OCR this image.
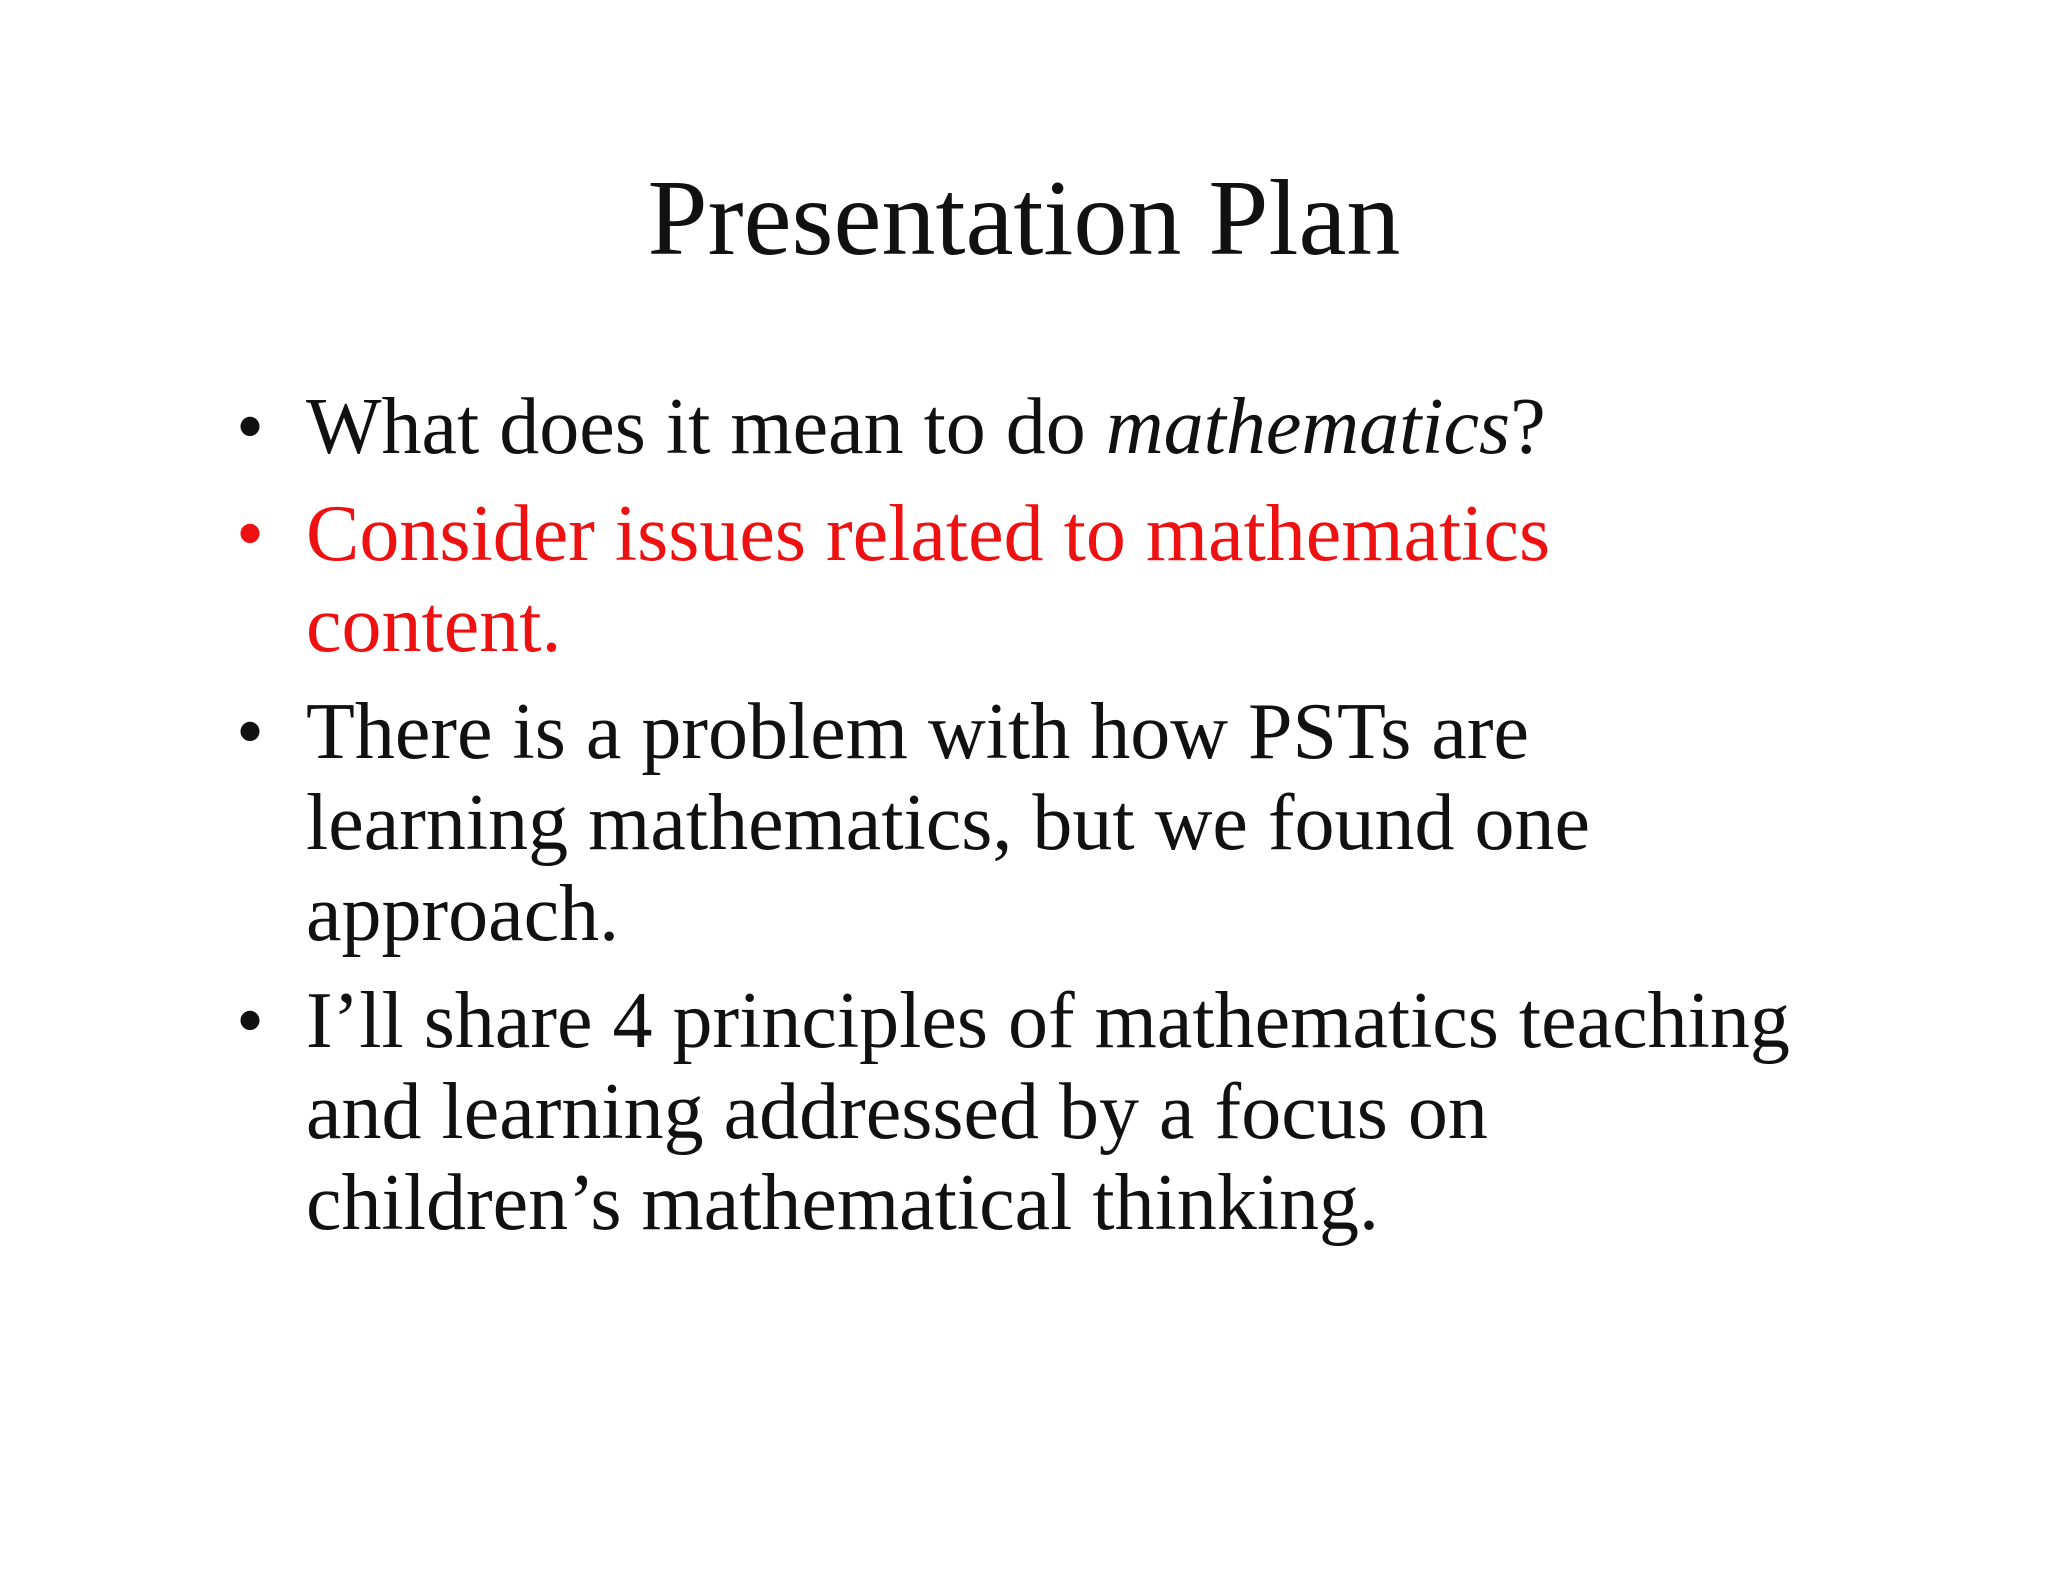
Presentation Plan
• What does it mean to do mathematics?
• Consider issues related to mathematics content.
• There is a problem with how PSTs are learning mathematics, but we found one approach.
• I’ll share 4 principles of mathematics teaching and learning addressed by a focus on children’s mathematical thinking.
